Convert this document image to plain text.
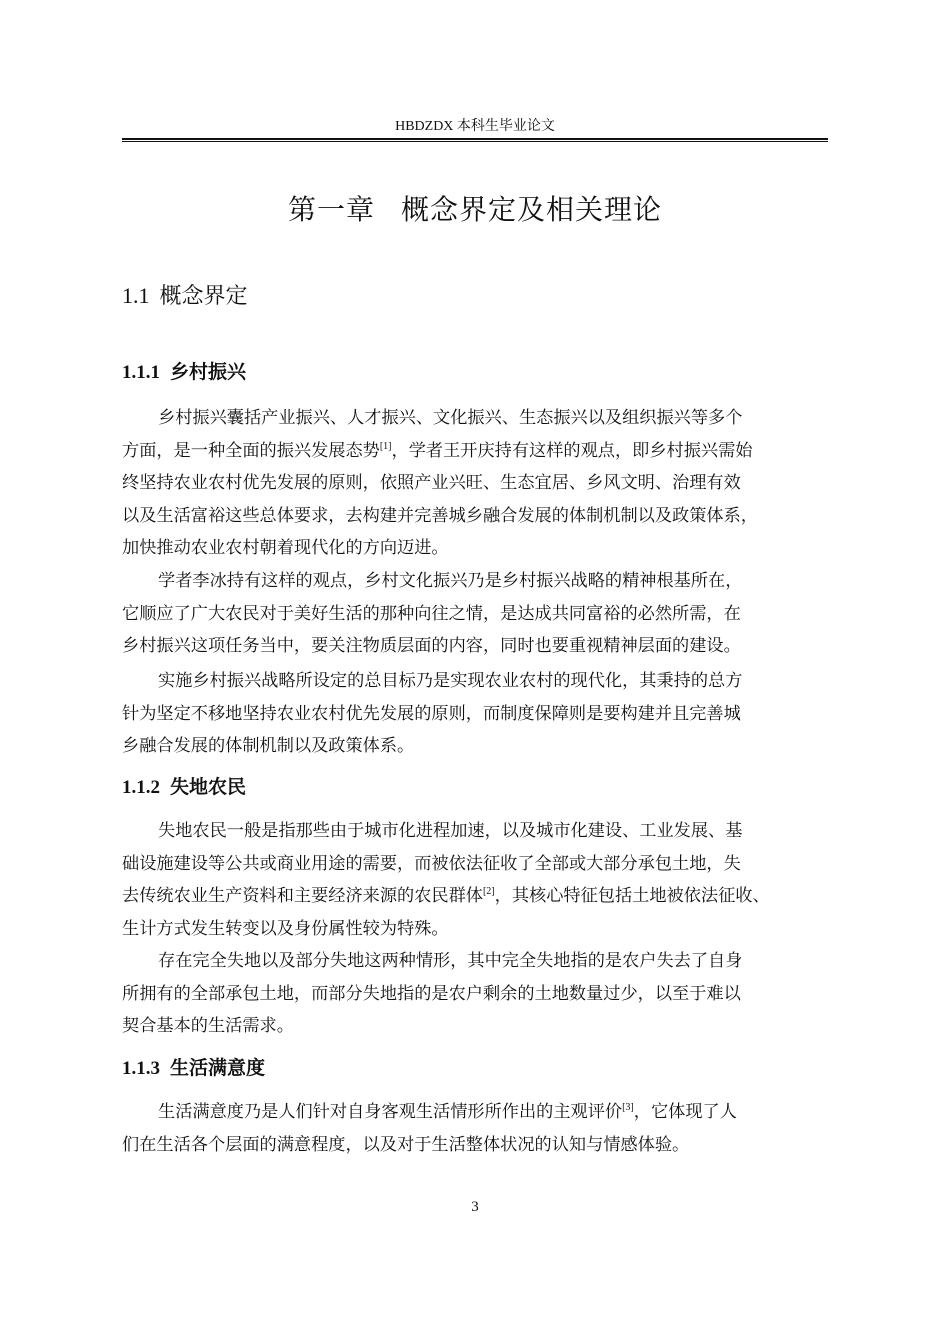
HBDZDX 本科生毕业论文
第一章 概念界定及相关理论
1.1 概念界定
1.1.1 乡村振兴
乡村振兴囊括产业振兴、人才振兴、文化振兴、生态振兴以及组织振兴等多个
方面，是一种全面的振兴发展态势[1]，学者王开庆持有这样的观点，即乡村振兴需始
终坚持农业农村优先发展的原则，依照产业兴旺、生态宜居、乡风文明、治理有效
以及生活富裕这些总体要求，去构建并完善城乡融合发展的体制机制以及政策体系，
加快推动农业农村朝着现代化的方向迈进。
学者李冰持有这样的观点，乡村文化振兴乃是乡村振兴战略的精神根基所在，
它顺应了广大农民对于美好生活的那种向往之情，是达成共同富裕的必然所需，在
乡村振兴这项任务当中，要关注物质层面的内容，同时也要重视精神层面的建设。
实施乡村振兴战略所设定的总目标乃是实现农业农村的现代化，其秉持的总方
针为坚定不移地坚持农业农村优先发展的原则，而制度保障则是要构建并且完善城
乡融合发展的体制机制以及政策体系。
1.1.2 失地农民
失地农民一般是指那些由于城市化进程加速，以及城市化建设、工业发展、基
础设施建设等公共或商业用途的需要，而被依法征收了全部或大部分承包土地，失
去传统农业生产资料和主要经济来源的农民群体[2]，其核心特征包括土地被依法征收、
生计方式发生转变以及身份属性较为特殊。
存在完全失地以及部分失地这两种情形，其中完全失地指的是农户失去了自身
所拥有的全部承包土地，而部分失地指的是农户剩余的土地数量过少，以至于难以
契合基本的生活需求。
1.1.3 生活满意度
生活满意度乃是人们针对自身客观生活情形所作出的主观评价[3]，它体现了人
们在生活各个层面的满意程度，以及对于生活整体状况的认知与情感体验。
3
